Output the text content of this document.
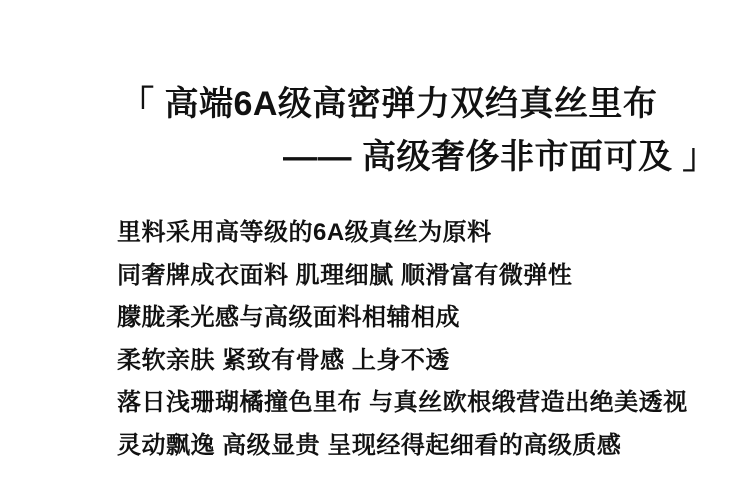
「 高端6A级高密弹力双绉真丝里布
—— 高级奢侈非市面可及 」

里料采用高等级的6A级真丝为原料

同奢牌成衣面料 肌理细腻 顺滑富有微弹性

朦胧柔光感与高级面料相辅相成

柔软亲肤 紧致有骨感 上身不透

落日浅珊瑚橘撞色里布 与真丝欧根缎营造出绝美透视

灵动飘逸 高级显贵 呈现经得起细看的高级质感
